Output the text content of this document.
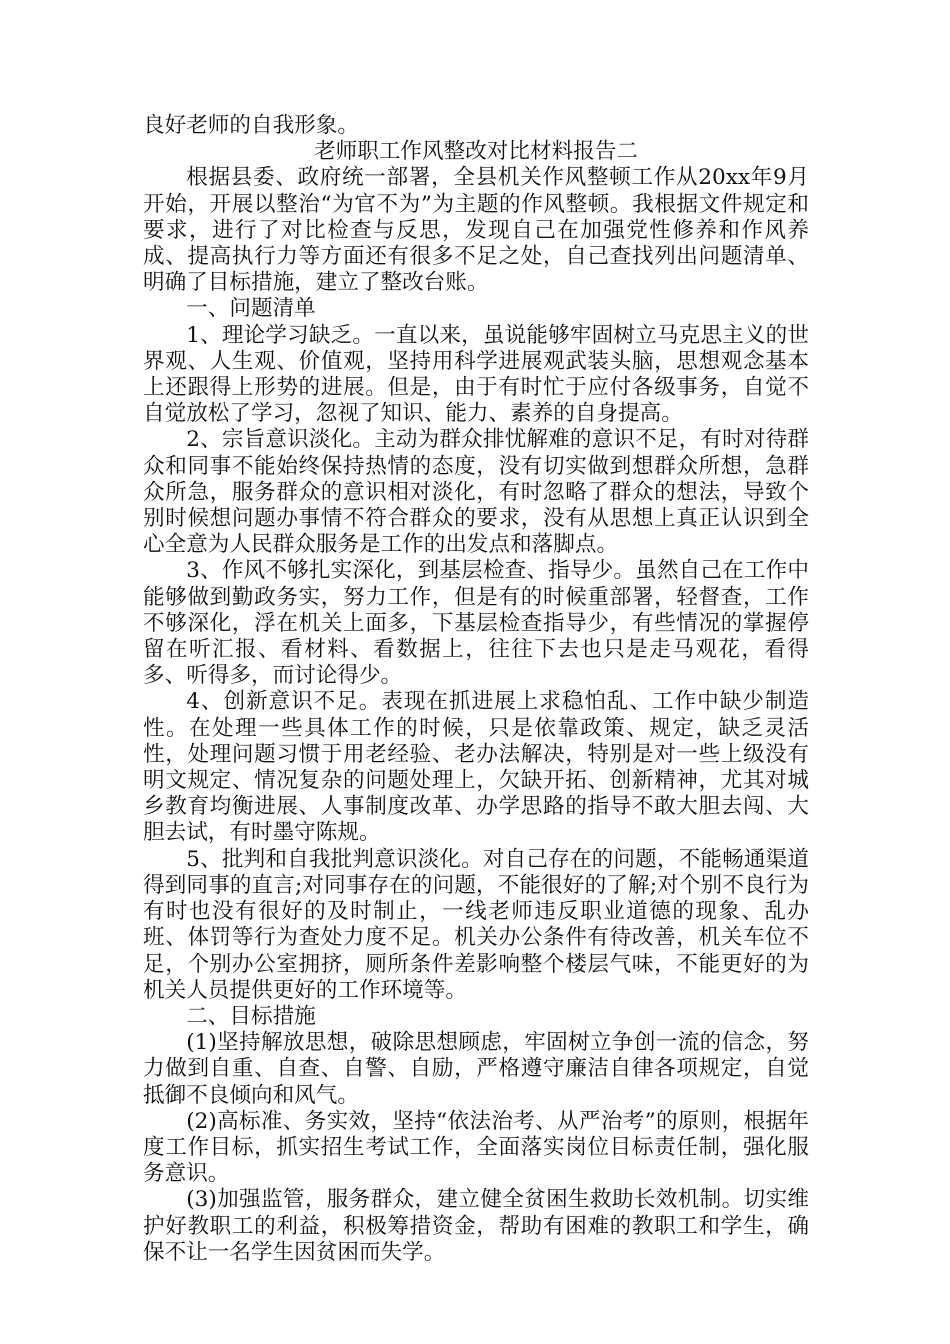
良好老师的自我形象。

老师职工作风整改对比材料报告二

根据县委、政府统一部署，全县机关作风整顿工作从20xx年9月开始，开展以整治“为官不为”为主题的作风整顿。我根据文件规定和要求，进行了对比检查与反思，发现自己在加强党性修养和作风养成、提高执行力等方面还有很多不足之处，自己查找列出问题清单、明确了目标措施，建立了整改台账。

一、问题清单

1、理论学习缺乏。一直以来，虽说能够牢固树立马克思主义的世界观、人生观、价值观，坚持用科学进展观武装头脑，思想观念基本上还跟得上形势的进展。但是，由于有时忙于应付各级事务，自觉不自觉放松了学习，忽视了知识、能力、素养的自身提高。

2、宗旨意识淡化。主动为群众排忧解难的意识不足，有时对待群众和同事不能始终保持热情的态度，没有切实做到想群众所想，急群众所急，服务群众的意识相对淡化，有时忽略了群众的想法，导致个别时候想问题办事情不符合群众的要求，没有从思想上真正认识到全心全意为人民群众服务是工作的出发点和落脚点。

3、作风不够扎实深化，到基层检查、指导少。虽然自己在工作中能够做到勤政务实，努力工作，但是有的时候重部署，轻督查，工作不够深化，浮在机关上面多，下基层检查指导少，有些情况的掌握停留在听汇报、看材料、看数据上，往往下去也只是走马观花，看得多、听得多，而讨论得少。

4、创新意识不足。表现在抓进展上求稳怕乱、工作中缺少制造性。在处理一些具体工作的时候，只是依靠政策、规定，缺乏灵活性，处理问题习惯于用老经验、老办法解决，特别是对一些上级没有明文规定、情况复杂的问题处理上，欠缺开拓、创新精神，尤其对城乡教育均衡进展、人事制度改革、办学思路的指导不敢大胆去闯、大胆去试，有时墨守陈规。

5、批判和自我批判意识淡化。对自己存在的问题，不能畅通渠道得到同事的直言;对同事存在的问题，不能很好的了解;对个别不良行为有时也没有很好的及时制止，一线老师违反职业道德的现象、乱办班、体罚等行为查处力度不足。机关办公条件有待改善，机关车位不足，个别办公室拥挤，厕所条件差影响整个楼层气味，不能更好的为机关人员提供更好的工作环境等。

二、目标措施

(1)坚持解放思想，破除思想顾虑，牢固树立争创一流的信念，努力做到自重、自查、自警、自励，严格遵守廉洁自律各项规定，自觉抵御不良倾向和风气。

(2)高标准、务实效，坚持“依法治考、从严治考”的原则，根据年度工作目标，抓实招生考试工作，全面落实岗位目标责任制，强化服务意识。

(3)加强监管，服务群众，建立健全贫困生救助长效机制。切实维护好教职工的利益，积极筹措资金，帮助有困难的教职工和学生，确保不让一名学生因贫困而失学。
